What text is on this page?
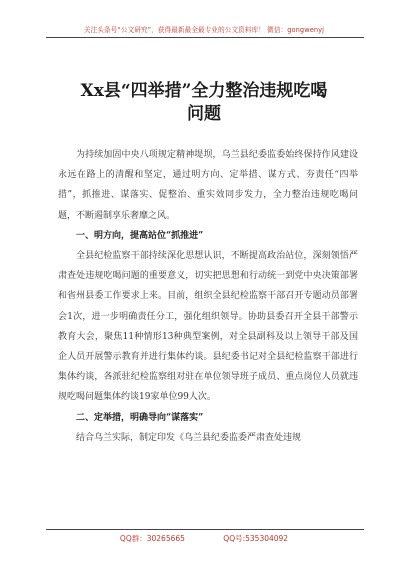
关注头条号“公文研究”，获得最新最全最专业的公文资料库！ 微信：gongwenyj
Xx县“四举措”全力整治违规吃喝
问题

为持续加固中央八项规定精神堤坝，乌兰县纪委监委始终保持作风建设永远在路上的清醒和坚定，通过明方向、定举措、谋方式、夯责任“四举措”，抓推进、谋落实、促整治、重实效同步发力，全力整治违规吃喝问题，不断遏制享乐奢靡之风。

一、明方向，提高站位“抓推进”

全县纪检监察干部持续深化思想认识，不断提高政治站位，深刻领悟严肃查处违规吃喝问题的重要意义，切实把思想和行动统一到党中央决策部署和省州县委工作要求上来。目前，组织全县纪检监察干部召开专题动员部署会1次，进一步明确责任分工，强化组织领导。协助县委召开全县干部警示教育大会，聚焦11种情形13种典型案例，对全县副科及以上领导干部及国企人员开展警示教育并进行集体约谈。县纪委书记对全县纪检监察干部进行集体约谈，各派驻纪检监察组对驻在单位领导班子成员、重点岗位人员就违规吃喝问题集体约谈19家单位99人次。

二、定举措，明确导向“谋落实”

结合乌兰实际，制定印发《乌兰县纪委监委严肃查处违规

QQ群：30265665	QQ号:535304092
